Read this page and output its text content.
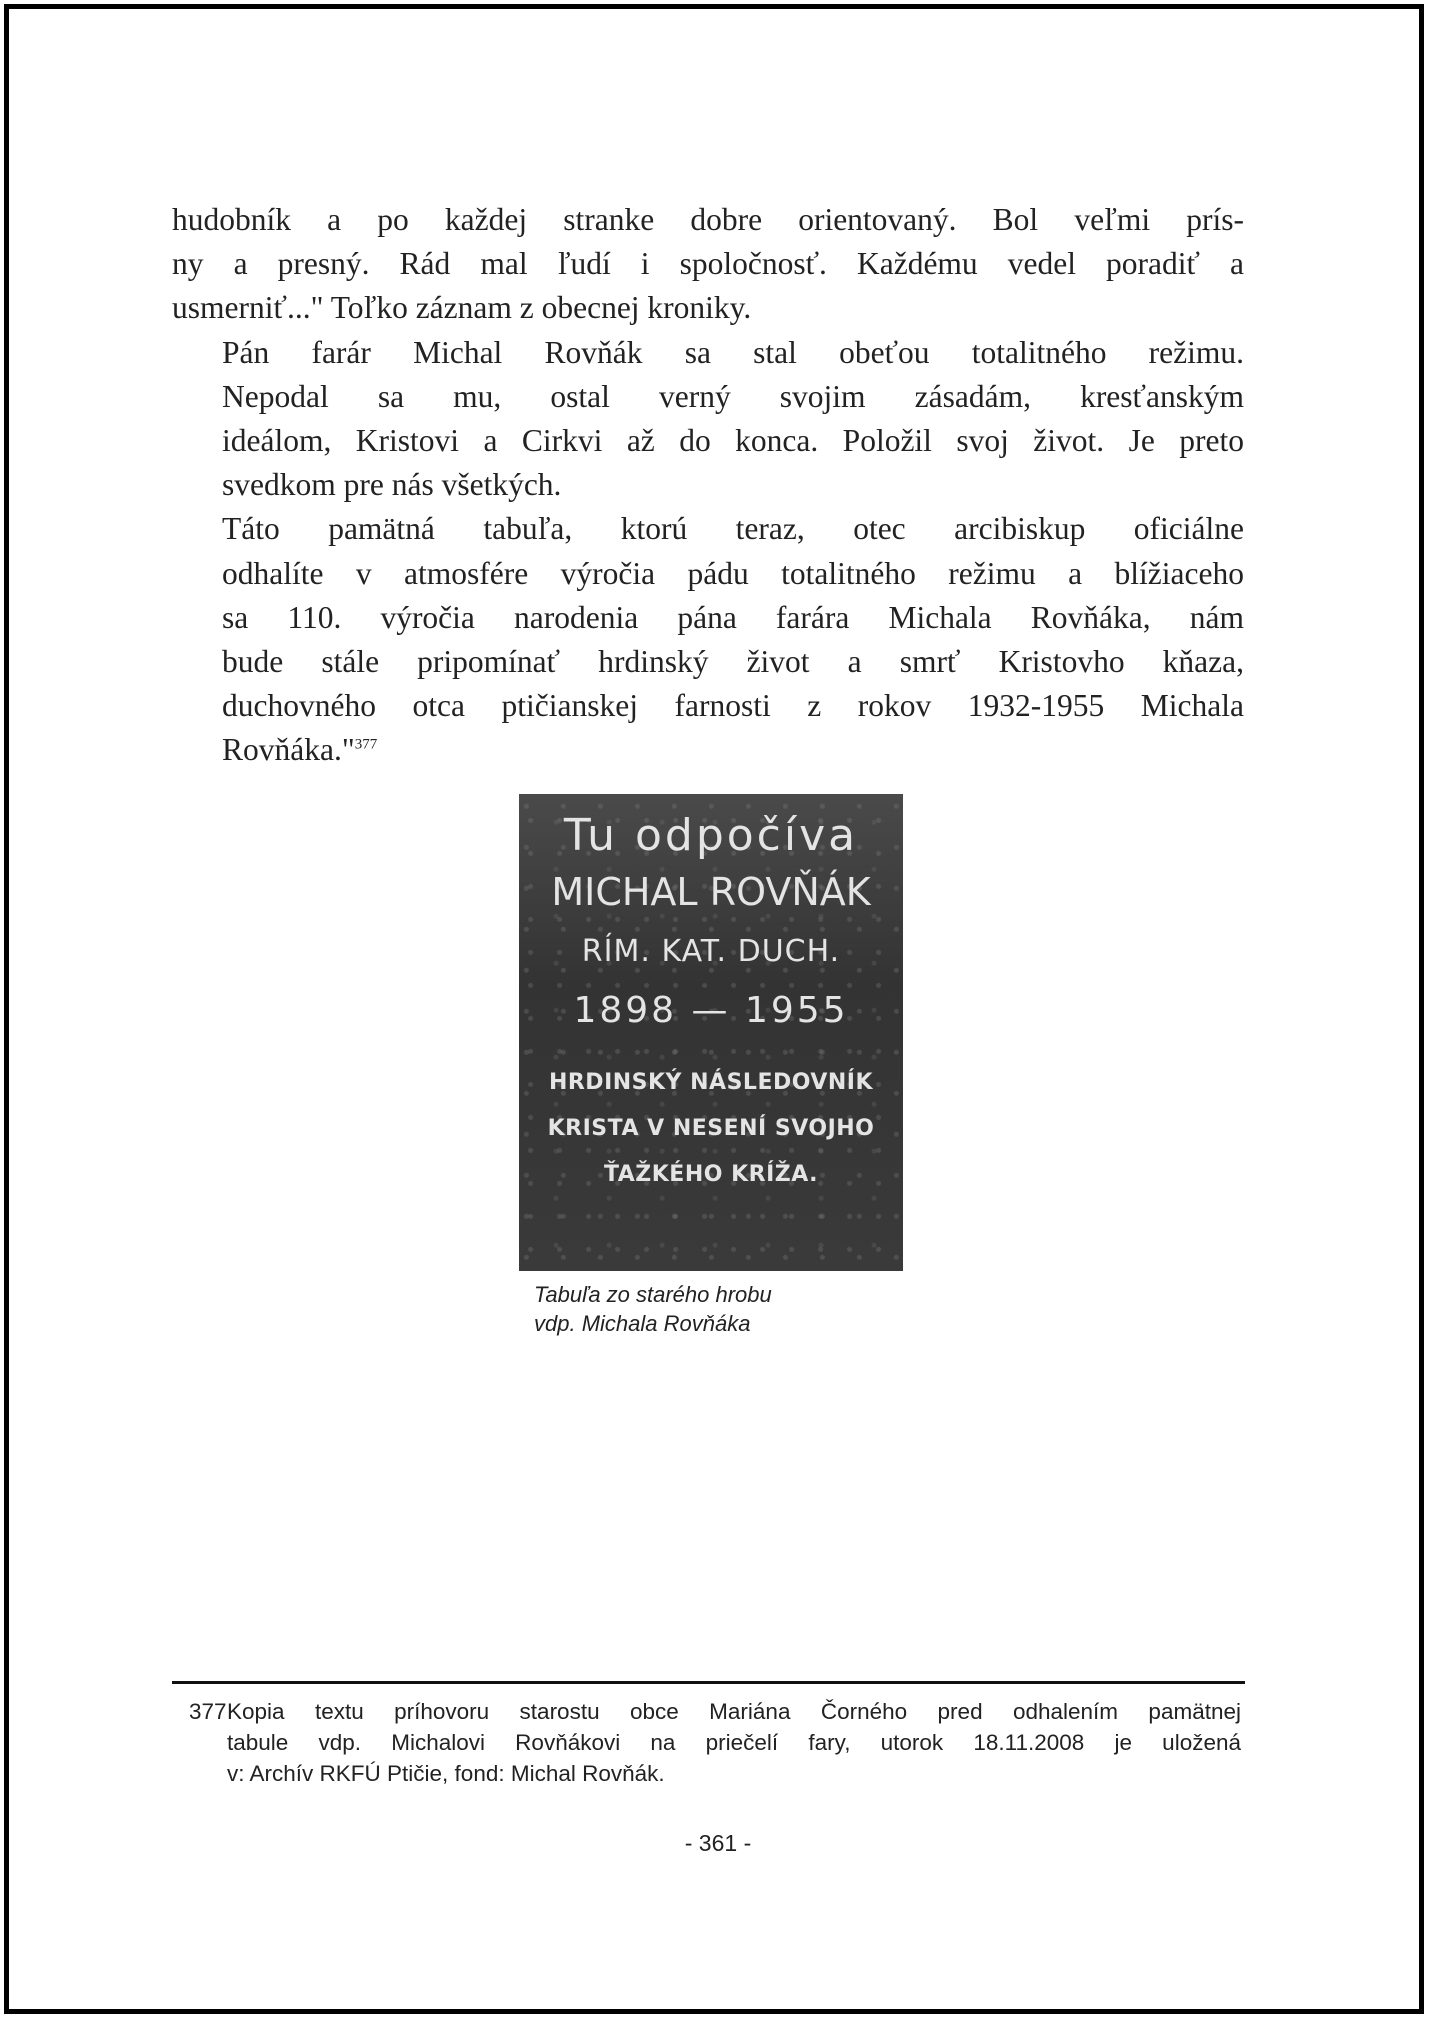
hudobník a po každej stranke dobre orientovaný. Bol veľmi prís-
ny a presný. Rád mal ľudí i spoločnosť. Každému vedel poradiť a
usmerniť..." Toľko záznam z obecnej kroniky.

Pán farár Michal Rovňák sa stal obeťou totalitného režimu.
Nepodal sa mu, ostal verný svojim zásadám, kresťanským
ideálom, Kristovi a Cirkvi až do konca. Položil svoj život. Je preto
svedkom pre nás všetkých.

Táto pamätná tabuľa, ktorú teraz, otec arcibiskup oficiálne
odhalíte v atmosfére výročia pádu totalitného režimu a blížiaceho
sa 110. výročia narodenia pána farára Michala Rovňáka, nám
bude stále pripomínať hrdinský život a smrť Kristovho kňaza,
duchovného otca ptičianskej farnosti z rokov 1932-1955 Michala
Rovňáka."$^{377}$

Tu odpočíva
MICHAL ROVŇÁK
RÍM. KAT. DUCH.
1898 — 1955
HRDINSKÝ NÁSLEDOVNÍK
KRISTA V NESENÍ SVOJHO
ŤAŽKÉHO KRÍŽA.
Tabuľa zo starého hrobu
vdp. Michala Rovňáka
377 Kopia textu príhovoru starostu obce Mariána Čorného pred odhalením pamätnej
tabule vdp. Michalovi Rovňákovi na priečelí fary, utorok 18.11.2008 je uložená
v: Archív RKFÚ Ptičie, fond: Michal Rovňák.
- 361 -
